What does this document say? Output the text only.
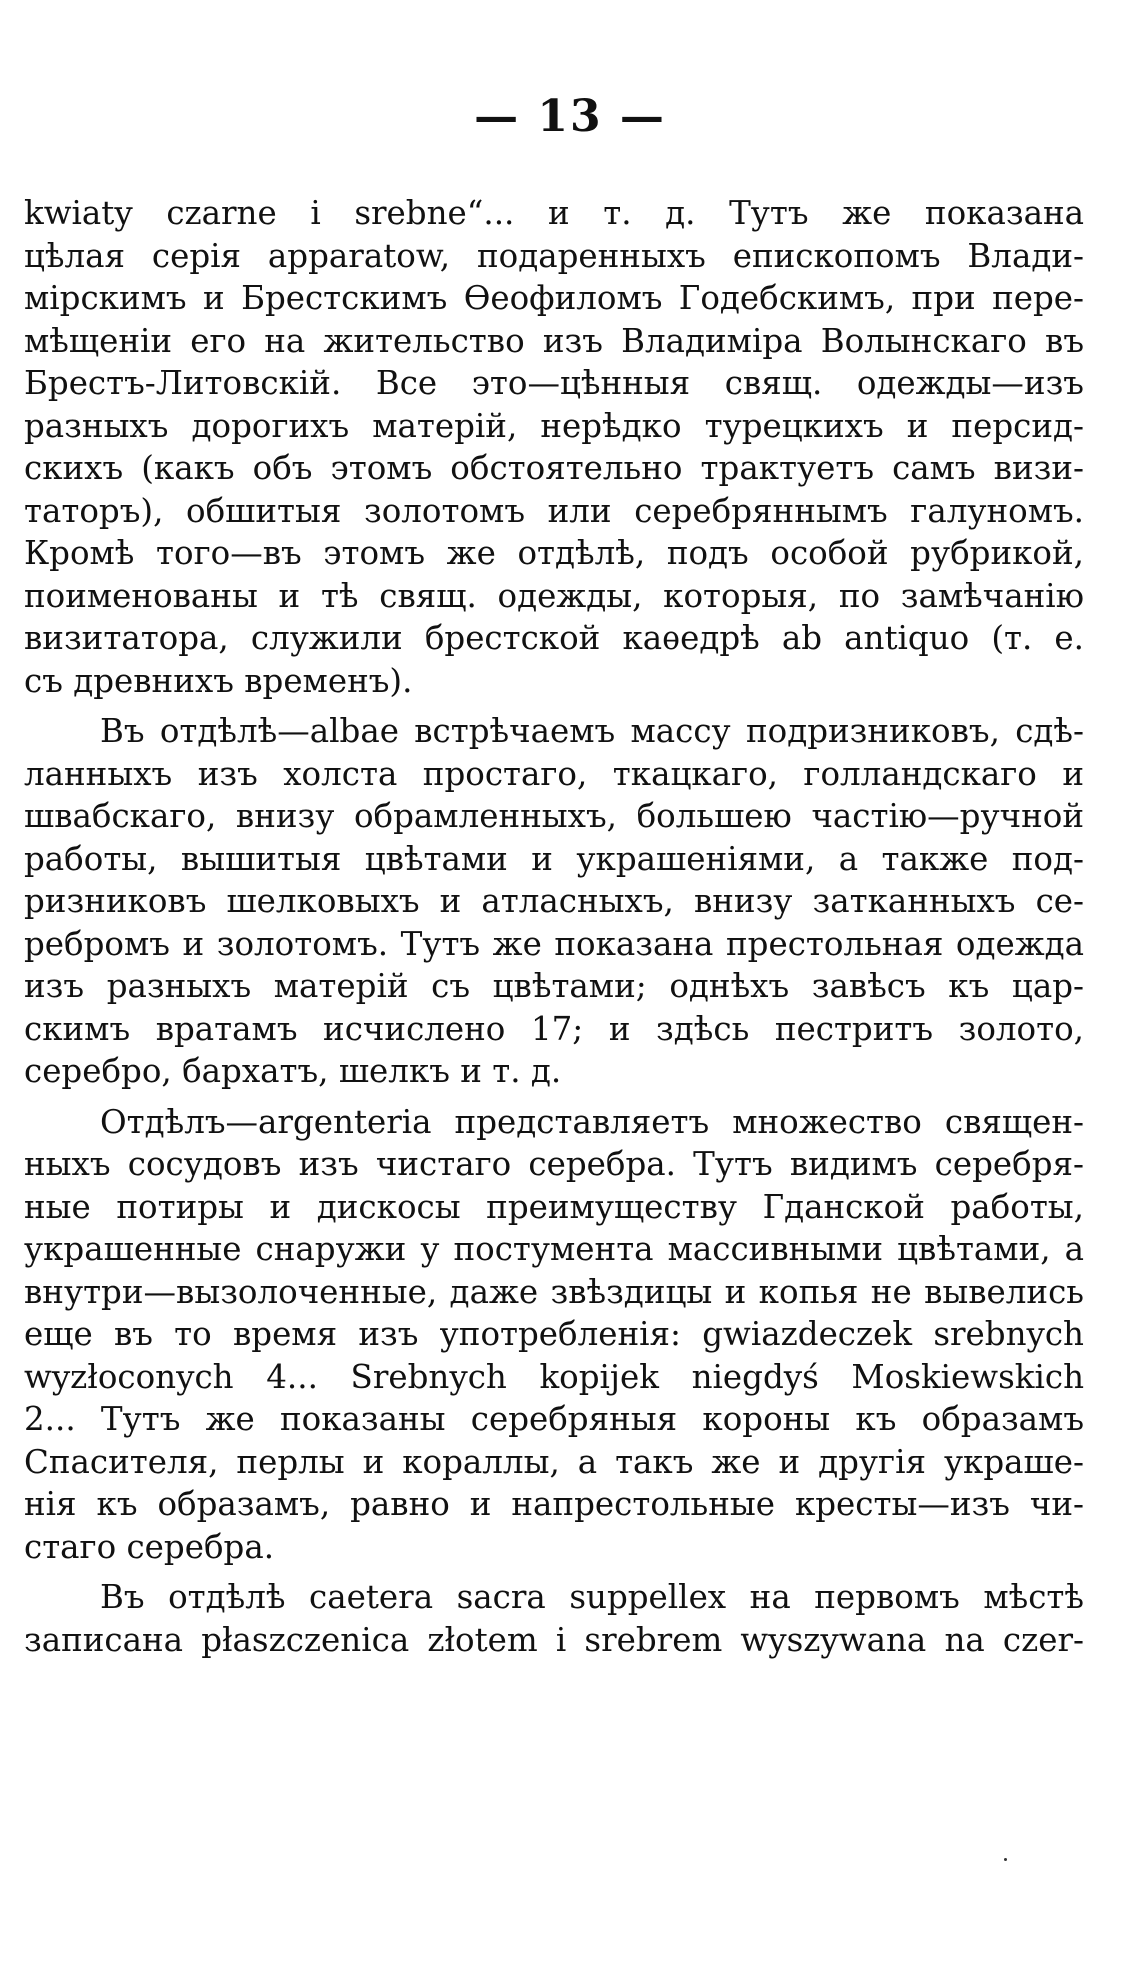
— 13 —
kwiaty czarne i srebne“... и т. д. Тутъ же показана
цѣлая серія apparatow, подаренныхъ епископомъ Влади-
мірскимъ и Брестскимъ Ѳеофиломъ Годебскимъ, при пере-
мѣщеніи его на жительство изъ Владиміра Волынскаго въ
Брестъ-Литовскій. Все это—цѣнныя свящ. одежды—изъ
разныхъ дорогихъ матерій, нерѣдко турецкихъ и персид-
скихъ (какъ объ этомъ обстоятельно трактуетъ самъ визи-
таторъ), обшитыя золотомъ или серебряннымъ галуномъ.
Кромѣ того—въ этомъ же отдѣлѣ, подъ особой рубрикой,
поименованы и тѣ свящ. одежды, которыя, по замѣчанію
визитатора, служили брестской каѳедрѣ ab antiquo (т. е.
съ древнихъ временъ).
Въ отдѣлѣ—albae встрѣчаемъ массу подризниковъ, сдѣ-
ланныхъ изъ холста простаго, ткацкаго, голландскаго и
швабскаго, внизу обрамленныхъ, большею частію—ручной
работы, вышитыя цвѣтами и украшеніями, а также под-
ризниковъ шелковыхъ и атласныхъ, внизу затканныхъ се-
ребромъ и золотомъ. Тутъ же показана престольная одежда
изъ разныхъ матерій съ цвѣтами; однѣхъ завѣсъ къ цар-
скимъ вратамъ исчислено 17; и здѣсь пестритъ золото,
серебро, бархатъ, шелкъ и т. д.
Отдѣлъ—argenteria представляетъ множество священ-
ныхъ сосудовъ изъ чистаго серебра. Тутъ видимъ серебря-
ные потиры и дискосы преимуществу Гданской работы,
украшенные снаружи у постумента массивными цвѣтами, а
внутри—вызолоченные, даже звѣздицы и копья не вывелись
еще въ то время изъ употребленія: gwiazdeczek srebnych
wyzłoconych 4... Srebnych kopijek niegdyś Moskiewskich
2... Тутъ же показаны серебряныя короны къ образамъ
Спасителя, перлы и кораллы, а такъ же и другія украше-
нія къ образамъ, равно и напрестольные кресты—изъ чи-
стаго серебра.
Въ отдѣлѣ caetera sacra suppellex на первомъ мѣстѣ
записана płaszczenica złotem i srebrem wyszywana na czer-
